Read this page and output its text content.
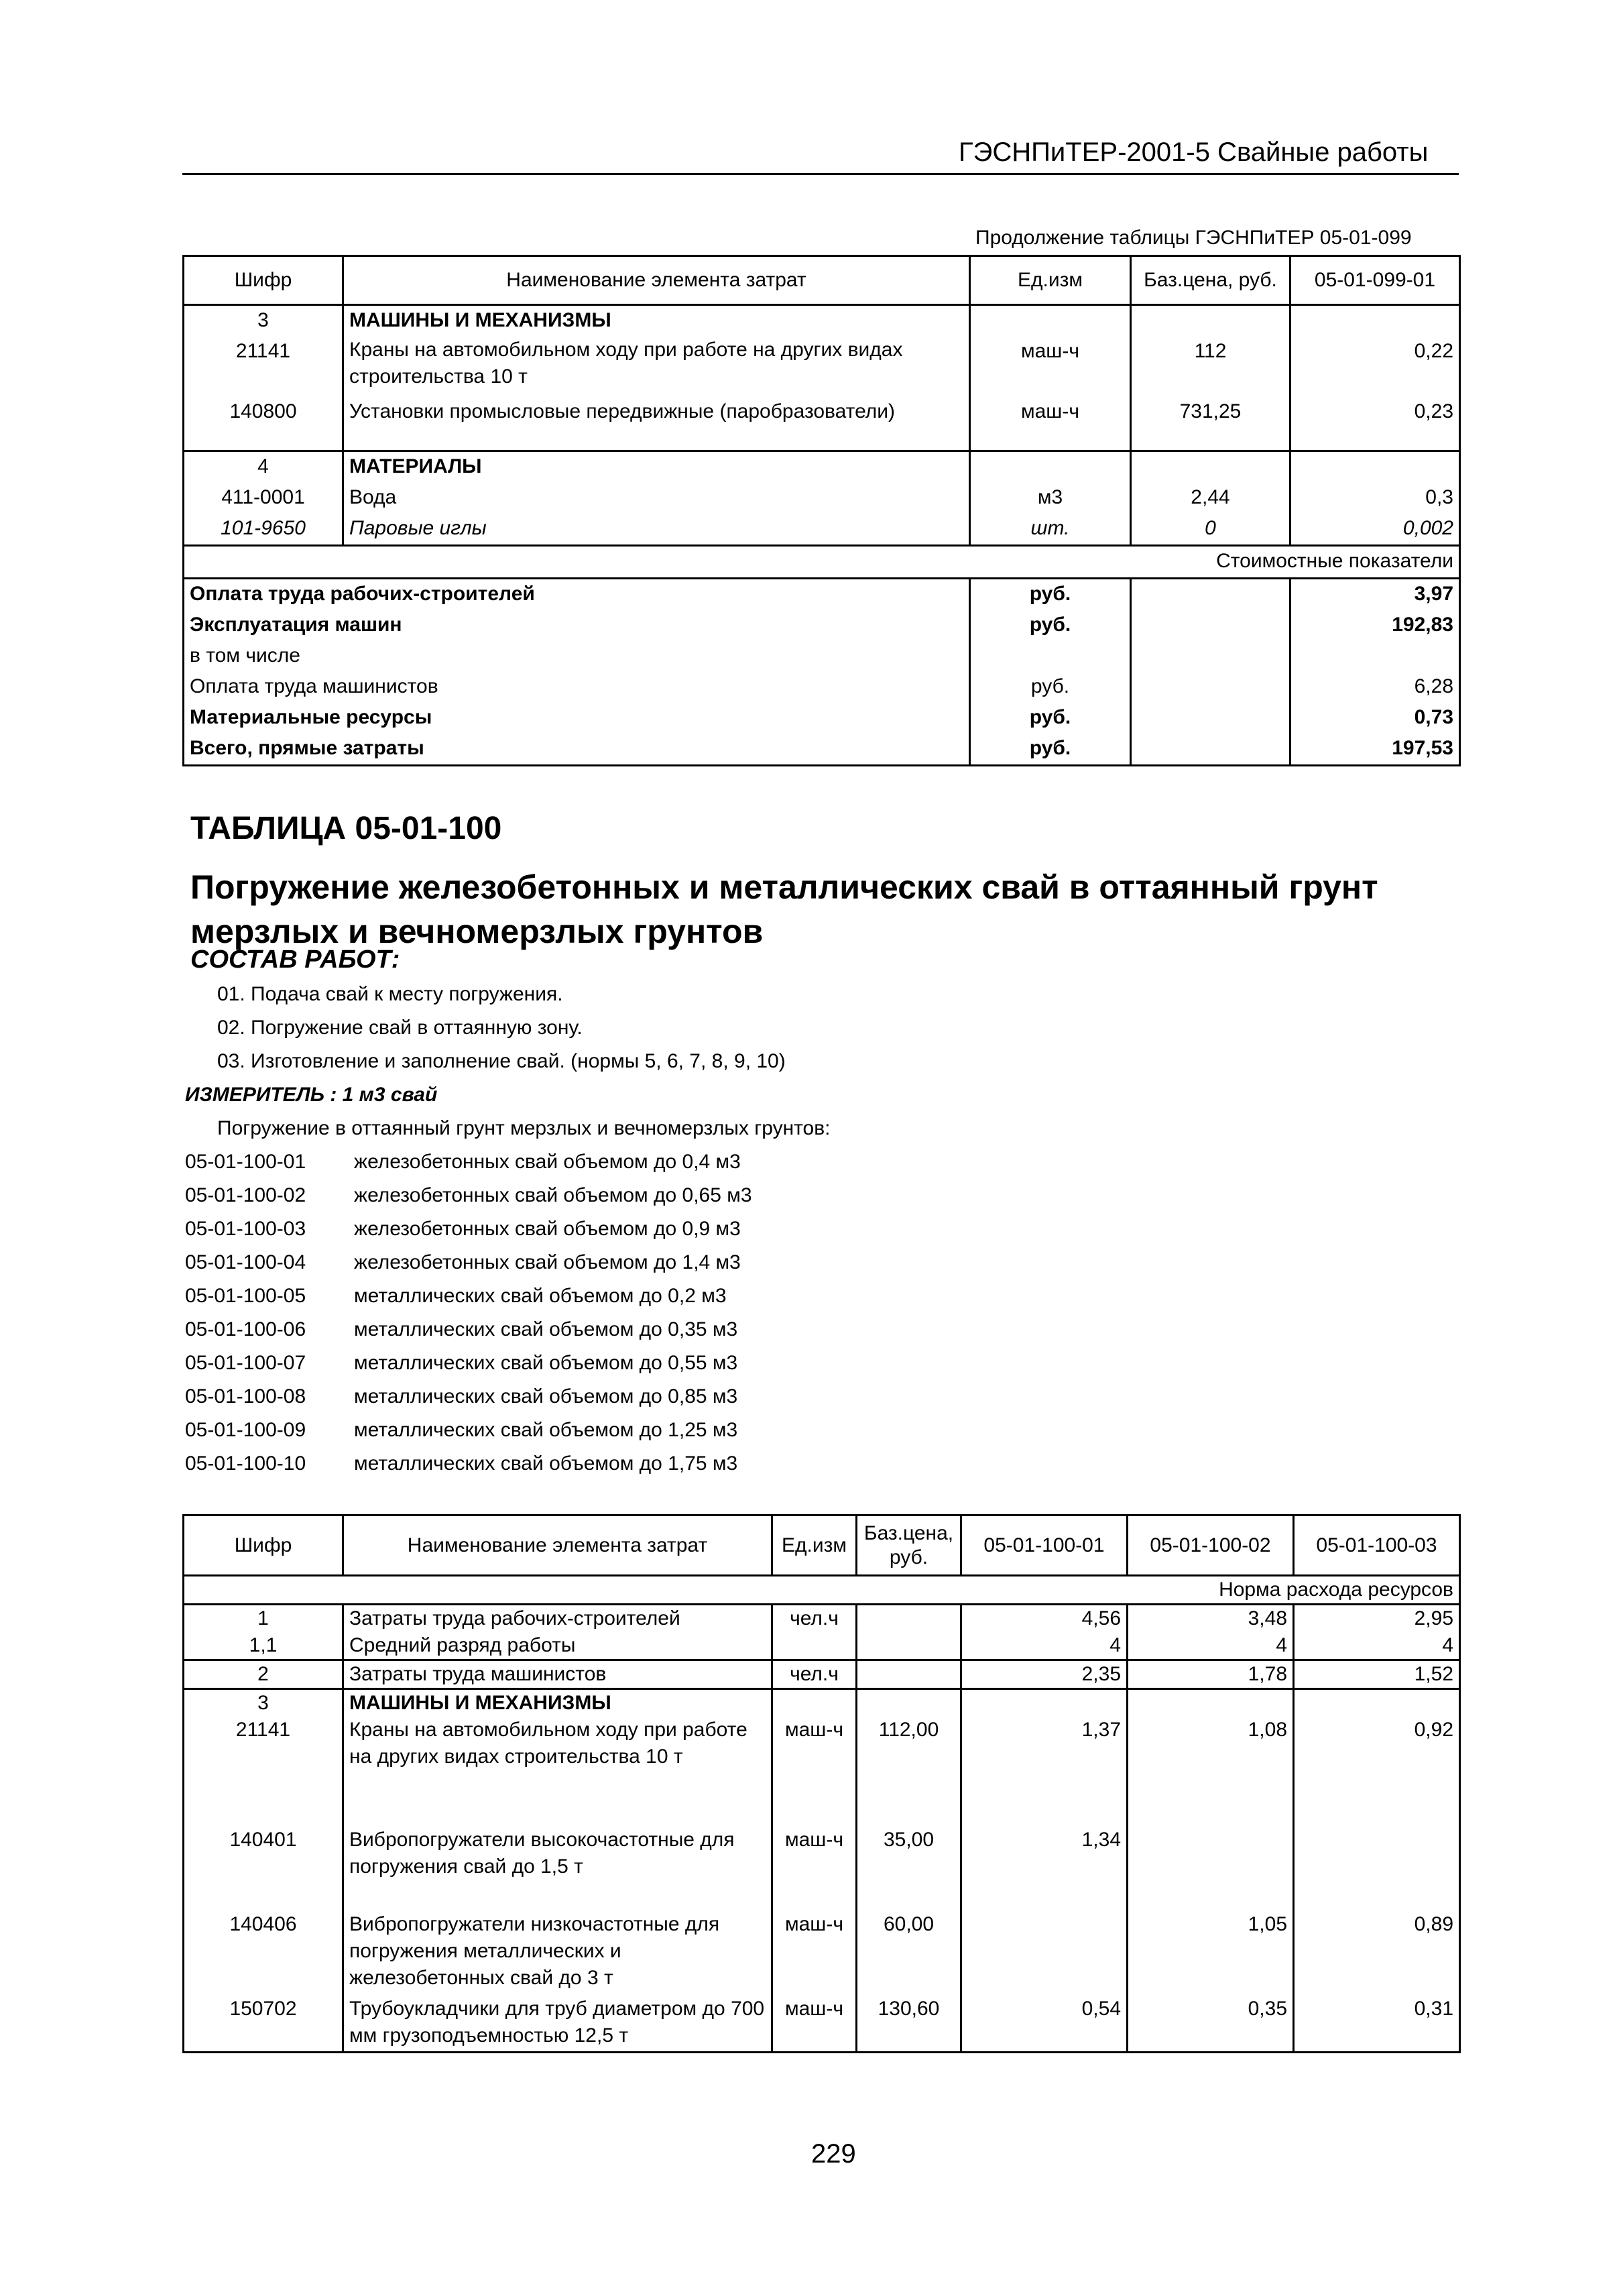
ГЭСНПиТЕР-2001-5 Свайные работы
Продолжение таблицы ГЭСНПиТЕР 05-01-099
Шифр	Наименование элемента затрат	Ед.изм	Баз.цена, руб.	05-01-099-01
3	МАШИНЫ И МЕХАНИЗМЫ			
21141	Краны на автомобильном ходу при работе на других видах строительства 10 т	маш-ч	112	0,22
140800	Установки промысловые передвижные (паробразователи)	маш-ч	731,25	0,23
4	МАТЕРИАЛЫ			
411-0001	Вода	м3	2,44	0,3
101-9650	Паровые иглы	шт.	0	0,002
Стоимостные показатели				
Оплата труда рабочих-строителей		руб.		3,97
Эксплуатация машин		руб.		192,83
в том числе				
Оплата труда машинистов		руб.		6,28
Материальные ресурсы		руб.		0,73
Всего, прямые затраты		руб.		197,53
ТАБЛИЦА 05-01-100
Погружение железобетонных и металлических свай в оттаянный грунт мерзлых и вечномерзлых грунтов
СОСТАВ РАБОТ:
01. Подача свай к месту погружения.
02. Погружение свай в оттаянную зону.
03. Изготовление и заполнение свай. (нормы 5, 6, 7, 8, 9, 10)
ИЗМЕРИТЕЛЬ : 1 м3 свай
Погружение в оттаянный грунт мерзлых и вечномерзлых грунтов:
05-01-100-01 железобетонных свай объемом до 0,4 м3
05-01-100-02 железобетонных свай объемом до 0,65 м3
05-01-100-03 железобетонных свай объемом до 0,9 м3
05-01-100-04 железобетонных свай объемом до 1,4 м3
05-01-100-05 металлических свай объемом до 0,2 м3
05-01-100-06 металлических свай объемом до 0,35 м3
05-01-100-07 металлических свай объемом до 0,55 м3
05-01-100-08 металлических свай объемом до 0,85 м3
05-01-100-09 металлических свай объемом до 1,25 м3
05-01-100-10 металлических свай объемом до 1,75 м3
Шифр	Наименование элемента затрат	Ед.изм	Баз.цена, руб.	05-01-100-01	05-01-100-02	05-01-100-03
Норма расхода ресурсов						
1	Затраты труда рабочих-строителей	чел.ч		4,56	3,48	2,95
1,1	Средний разряд работы			4	4	4
2	Затраты труда машинистов	чел.ч		2,35	1,78	1,52
3	МАШИНЫ И МЕХАНИЗМЫ					
21141	Краны на автомобильном ходу при работе на других видах строительства 10 т	маш-ч	112,00	1,37	1,08	0,92
140401	Вибропогружатели высокочастотные для погружения свай до 1,5 т	маш-ч	35,00	1,34		
140406	Вибропогружатели низкочастотные для погружения металлических и железобетонных свай до 3 т	маш-ч	60,00		1,05	0,89
150702	Трубоукладчики для труб диаметром до 700 мм грузоподъемностью 12,5 т	маш-ч	130,60	0,54	0,35	0,31
229
